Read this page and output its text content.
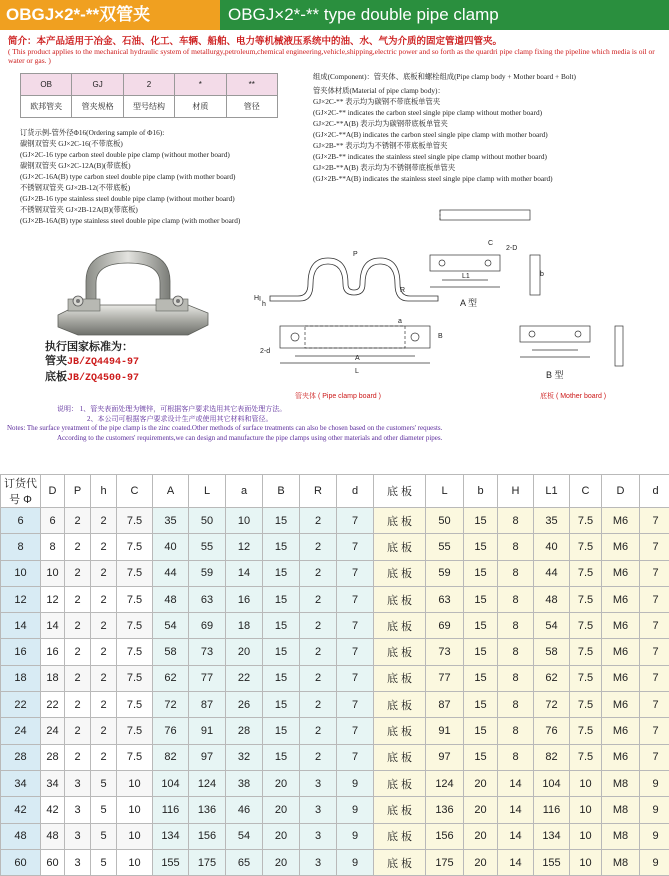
OBGJ×2*-**双管夹	OBGJ×2*-** type double pipe clamp
简介：本产品适用于冶金、石油、化工、车辆、船舶、电力等机械液压系统中的油、水、气为介质的固定管道四管夹。
( This product applies to the mechanical hydraulic system of metallurgy,petroleum,chemical engineering,vehicle,shipping,electric power and so forth as the quardri pipe clamp fixing the pipeline which media is oil or water or gas. )
OB	GJ	2	*	**
欧邦管夹	管夹规格	型号结构	材质	管径
订货示例-管外径Φ16(Ordering sample of Φ16):
碳钢双管夹 GJ×2C-16(不带底板)
(GJ×2C-16 type carbon steel double pipe clamp (without mother board)
碳钢双管夹 GJ×2C-12A(B)(带底板)
(GJ×2C-16A(B) type carbon steel double pipe clamp (with mother board)
不锈钢双管夹 GJ×2B-12(不带底板)
(GJ×2B-16 type stainless steel double pipe clamp (without mother board)
不锈钢双管夹 GJ×2B-12A(B)(带底板)
(GJ×2B-16A(B) type stainless steel double pipe clamp (with mother board)
组成(Component)：管夹体、底板和螺栓组成(Pipe clamp body + Mother board + Bolt)
管夹体材质(Material of pipe clamp body)：
GJ×2C-** 表示均为碳钢不带底板单管夹
(GJ×2C-** indicates the carbon steel single pipe clamp without mother board)
GJ×2C-**A(B) 表示均为碳钢带底板单管夹
(GJ×2C-**A(B) indicates the carbon steel single pipe clamp with mother board)
GJ×2B-** 表示均为不锈钢不带底板单管夹
(GJ×2B-** indicates the stainless steel single pipe clamp without mother board)
GJ×2B-**A(B) 表示均为不锈钢带底板单管夹
(GJ×2B-**A(B) indicates the stainless steel single pipe clamp with mother board)
执行国家标准为：
管夹JB/ZQ4494-97
底板JB/ZQ4500-97
H
h
R
C
2-D
2-d
A
L
L1
a
B
P
b
A 型
B 型
管夹体 ( Pipe clamp board )	底板 ( Mother board )
说明： 1、管夹表面处理为镀锌，可根据客户要求选用其它表面处理方法。
2、本公司可根据客户要求设计生产或使用其它材料和管径。
Notes: The surface yreatment of the pipe clamp is the zinc coated.Other methods of surface treatments can also be chosen based on the customers' requests.
According to the customers' requirements,we can design and manufacture the pipe clamps using other materials and other diameter pipes.
订货代号 Φ	D	P	h	C	A	L	a	B	R	d	底 板	L	b	H	L1	C	D	d
6	6	2	2	7.5	35	50	10	15	2	7	底 板	50	15	8	35	7.5	M6	7
8	8	2	2	7.5	40	55	12	15	2	7	底 板	55	15	8	40	7.5	M6	7
10	10	2	2	7.5	44	59	14	15	2	7	底 板	59	15	8	44	7.5	M6	7
12	12	2	2	7.5	48	63	16	15	2	7	底 板	63	15	8	48	7.5	M6	7
14	14	2	2	7.5	54	69	18	15	2	7	底 板	69	15	8	54	7.5	M6	7
16	16	2	2	7.5	58	73	20	15	2	7	底 板	73	15	8	58	7.5	M6	7
18	18	2	2	7.5	62	77	22	15	2	7	底 板	77	15	8	62	7.5	M6	7
22	22	2	2	7.5	72	87	26	15	2	7	底 板	87	15	8	72	7.5	M6	7
24	24	2	2	7.5	76	91	28	15	2	7	底 板	91	15	8	76	7.5	M6	7
28	28	2	2	7.5	82	97	32	15	2	7	底 板	97	15	8	82	7.5	M6	7
34	34	3	5	10	104	124	38	20	3	9	底 板	124	20	14	104	10	M8	9
42	42	3	5	10	116	136	46	20	3	9	底 板	136	20	14	116	10	M8	9
48	48	3	5	10	134	156	54	20	3	9	底 板	156	20	14	134	10	M8	9
60	60	3	5	10	155	175	65	20	3	9	底 板	175	20	14	155	10	M8	9
